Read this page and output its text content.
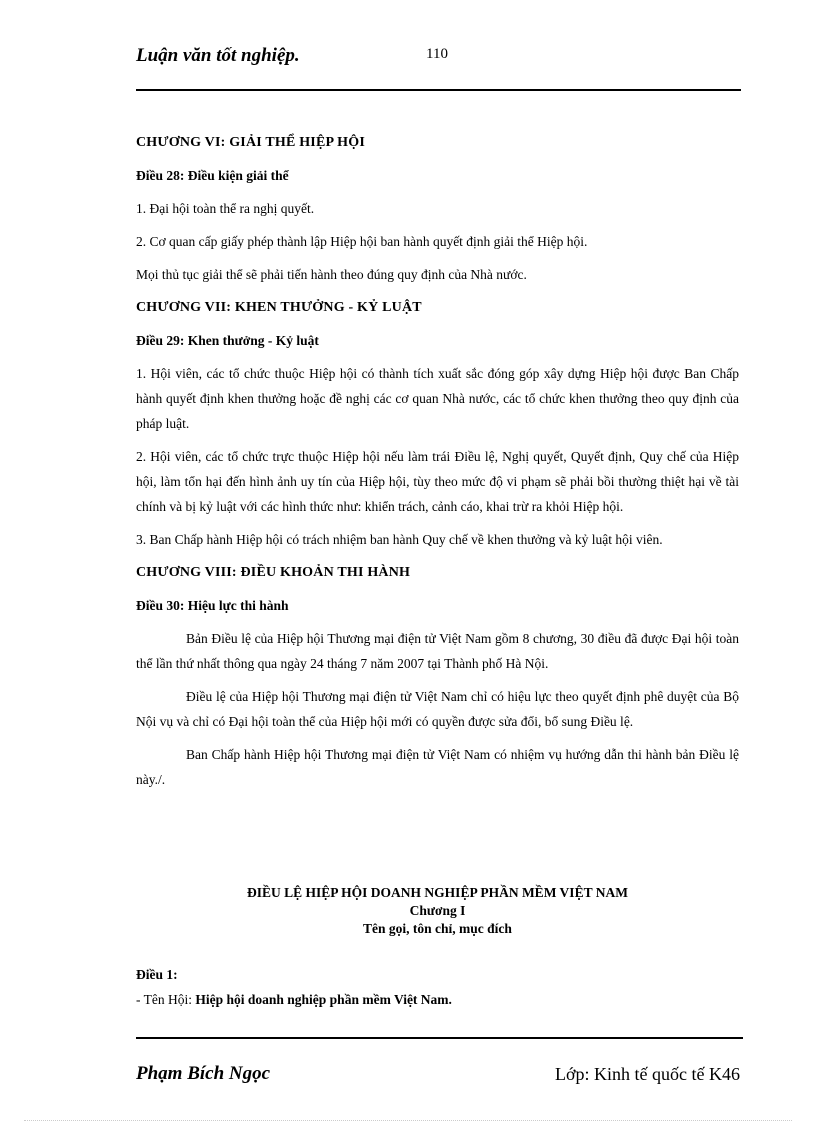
Luận văn tốt nghiệp.	110

CHƯƠNG VI: GIẢI THỂ HIỆP HỘI

Điều 28: Điều kiện giải thể

1. Đại hội toàn thể ra nghị quyết.

2. Cơ quan cấp giấy phép thành lập Hiệp hội ban hành quyết định giải thể Hiệp hội.

Mọi thủ tục giải thể sẽ phải tiến hành theo đúng quy định của Nhà nước.

CHƯƠNG VII: KHEN THƯỞNG - KỶ LUẬT

Điều 29: Khen thưởng - Kỷ luật

1. Hội viên, các tổ chức thuộc Hiệp hội có thành tích xuất sắc đóng góp xây dựng Hiệp hội được Ban Chấp hành quyết định khen thưởng hoặc đề nghị các cơ quan Nhà nước, các tổ chức khen thưởng theo quy định của pháp luật.

2. Hội viên, các tổ chức trực thuộc Hiệp hội nếu làm trái Điều lệ, Nghị quyết, Quyết định, Quy chế của Hiệp hội, làm tổn hại đến hình ảnh uy tín của Hiệp hội, tùy theo mức độ vi phạm sẽ phải bồi thường thiệt hại về tài chính và bị kỷ luật với các hình thức như: khiển trách, cảnh cáo, khai trừ ra khỏi Hiệp hội.

3. Ban Chấp hành Hiệp hội có trách nhiệm ban hành Quy chế về khen thưởng và kỷ luật hội viên.

CHƯƠNG VIII: ĐIỀU KHOẢN THI HÀNH

Điều 30: Hiệu lực thi hành

Bản Điều lệ của Hiệp hội Thương mại điện tử Việt Nam gồm 8 chương, 30 điều đã được Đại hội toàn thể lần thứ nhất thông qua ngày 24 tháng 7 năm 2007 tại Thành phố Hà Nội.

Điều lệ của Hiệp hội Thương mại điện tử Việt Nam chỉ có hiệu lực theo quyết định phê duyệt của Bộ Nội vụ và chỉ có Đại hội toàn thể của Hiệp hội mới có quyền được sửa đổi, bổ sung Điều lệ.

Ban Chấp hành Hiệp hội Thương mại điện tử Việt Nam có nhiệm vụ hướng dẫn thi hành bản Điều lệ này./.

ĐIỀU LỆ HIỆP HỘI DOANH NGHIỆP PHẦN MỀM VIỆT NAM
Chương I
Tên gọi, tôn chỉ, mục đích

Điều 1:

- Tên Hội: Hiệp hội doanh nghiệp phần mềm Việt Nam.

Phạm Bích Ngọc	Lớp: Kinh tế quốc tế K46
